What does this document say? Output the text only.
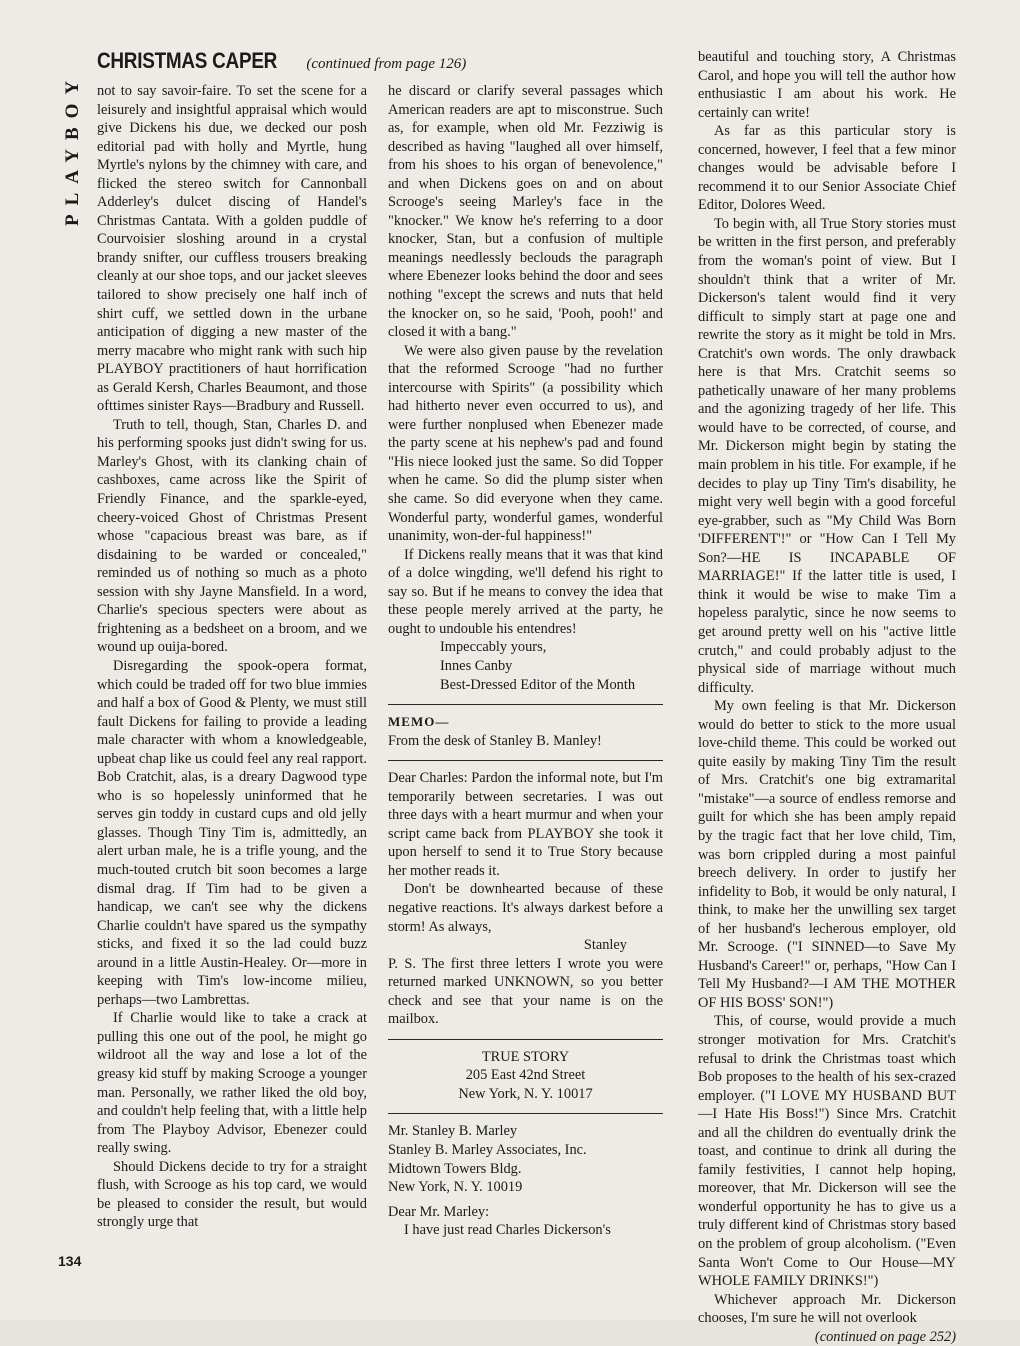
PLAYBOY
CHRISTMAS CAPER (continued from page 126)

not to say savoir-faire. To set the scene for a leisurely and insightful appraisal which would give Dickens his due, we decked our posh editorial pad with holly and Myrtle, hung Myrtle's nylons by the chimney with care, and flicked the stereo switch for Cannonball Adderley's dulcet discing of Handel's Christmas Cantata. With a golden puddle of Courvoisier sloshing around in a crystal brandy snifter, our cuffless trousers breaking cleanly at our shoe tops, and our jacket sleeves tailored to show precisely one half inch of shirt cuff, we settled down in the urbane anticipation of digging a new master of the merry macabre who might rank with such hip PLAYBOY practitioners of haut horrification as Gerald Kersh, Charles Beaumont, and those ofttimes sinister Rays—Bradbury and Russell.

Truth to tell, though, Stan, Charles D. and his performing spooks just didn't swing for us. Marley's Ghost, with its clanking chain of cashboxes, came across like the Spirit of Friendly Finance, and the sparkle-eyed, cheery-voiced Ghost of Christmas Present whose "capacious breast was bare, as if disdaining to be warded or concealed," reminded us of nothing so much as a photo session with shy Jayne Mansfield. In a word, Charlie's specious specters were about as frightening as a bedsheet on a broom, and we wound up ouija-bored.

Disregarding the spook-opera format, which could be traded off for two blue immies and half a box of Good & Plenty, we must still fault Dickens for failing to provide a leading male character with whom a knowledgeable, upbeat chap like us could feel any real rapport. Bob Cratchit, alas, is a dreary Dagwood type who is so hopelessly uninformed that he serves gin toddy in custard cups and old jelly glasses. Though Tiny Tim is, admittedly, an alert urban male, he is a trifle young, and the much-touted crutch bit soon becomes a large dismal drag. If Tim had to be given a handicap, we can't see why the dickens Charlie couldn't have spared us the sympathy sticks, and fixed it so the lad could buzz around in a little Austin-Healey. Or—more in keeping with Tim's low-income milieu, perhaps—two Lambrettas.

If Charlie would like to take a crack at pulling this one out of the pool, he might go wildroot all the way and lose a lot of the greasy kid stuff by making Scrooge a younger man. Personally, we rather liked the old boy, and couldn't help feeling that, with a little help from The Playboy Advisor, Ebenezer could really swing.

Should Dickens decide to try for a straight flush, with Scrooge as his top card, we would be pleased to consider the result, but would strongly urge that

he discard or clarify several passages which American readers are apt to misconstrue. Such as, for example, when old Mr. Fezziwig is described as having "laughed all over himself, from his shoes to his organ of benevolence," and when Dickens goes on and on about Scrooge's seeing Marley's face in the "knocker." We know he's referring to a door knocker, Stan, but a confusion of multiple meanings needlessly beclouds the paragraph where Ebenezer looks behind the door and sees nothing "except the screws and nuts that held the knocker on, so he said, 'Pooh, pooh!' and closed it with a bang."

We were also given pause by the revelation that the reformed Scrooge "had no further intercourse with Spirits" (a possibility which had hitherto never even occurred to us), and were further nonplused when Ebenezer made the party scene at his nephew's pad and found "His niece looked just the same. So did Topper when he came. So did the plump sister when she came. So did everyone when they came. Wonderful party, wonderful games, wonderful unanimity, won-der-ful happiness!"

If Dickens really means that it was that kind of a dolce wingding, we'll defend his right to say so. But if he means to convey the idea that these people merely arrived at the party, he ought to undouble his entendres!

Impeccably yours,

Innes Canby

Best-Dressed Editor of the Month

MEMO—

From the desk of Stanley B. Manley!

Dear Charles: Pardon the informal note, but I'm temporarily between secretaries. I was out three days with a heart murmur and when your script came back from PLAYBOY she took it upon herself to send it to True Story because her mother reads it.

Don't be downhearted because of these negative reactions. It's always darkest before a storm! As always,

Stanley

P. S. The first three letters I wrote you were returned marked UNKNOWN, so you better check and see that your name is on the mailbox.

TRUE STORY

205 East 42nd Street

New York, N. Y. 10017

Mr. Stanley B. Marley

Stanley B. Marley Associates, Inc.

Midtown Towers Bldg.

New York, N. Y. 10019

Dear Mr. Marley:

I have just read Charles Dickerson's

beautiful and touching story, A Christmas Carol, and hope you will tell the author how enthusiastic I am about his work. He certainly can write!

As far as this particular story is concerned, however, I feel that a few minor changes would be advisable before I recommend it to our Senior Associate Chief Editor, Dolores Weed.

To begin with, all True Story stories must be written in the first person, and preferably from the woman's point of view. But I shouldn't think that a writer of Mr. Dickerson's talent would find it very difficult to simply start at page one and rewrite the story as it might be told in Mrs. Cratchit's own words. The only drawback here is that Mrs. Cratchit seems so pathetically unaware of her many problems and the agonizing tragedy of her life. This would have to be corrected, of course, and Mr. Dickerson might begin by stating the main problem in his title. For example, if he decides to play up Tiny Tim's disability, he might very well begin with a good forceful eye-grabber, such as "My Child Was Born 'DIFFERENT'!" or "How Can I Tell My Son?—HE IS INCAPABLE OF MARRIAGE!" If the latter title is used, I think it would be wise to make Tim a hopeless paralytic, since he now seems to get around pretty well on his "active little crutch," and could probably adjust to the physical side of marriage without much difficulty.

My own feeling is that Mr. Dickerson would do better to stick to the more usual love-child theme. This could be worked out quite easily by making Tiny Tim the result of Mrs. Cratchit's one big extramarital "mistake"—a source of endless remorse and guilt for which she has been amply repaid by the tragic fact that her love child, Tim, was born crippled during a most painful breech delivery. In order to justify her infidelity to Bob, it would be only natural, I think, to make her the unwilling sex target of her husband's lecherous employer, old Mr. Scrooge. ("I SINNED—to Save My Husband's Career!" or, perhaps, "How Can I Tell My Husband?—I AM THE MOTHER OF HIS BOSS' SON!")

This, of course, would provide a much stronger motivation for Mrs. Cratchit's refusal to drink the Christmas toast which Bob proposes to the health of his sex-crazed employer. ("I LOVE MY HUSBAND BUT—I Hate His Boss!") Since Mrs. Cratchit and all the children do eventually drink the toast, and continue to drink all during the family festivities, I cannot help hoping, moreover, that Mr. Dickerson will see the wonderful opportunity he has to give us a truly different kind of Christmas story based on the problem of group alcoholism. ("Even Santa Won't Come to Our House—MY WHOLE FAMILY DRINKS!")

Whichever approach Mr. Dickerson chooses, I'm sure he will not overlook

(continued on page 252)

134
